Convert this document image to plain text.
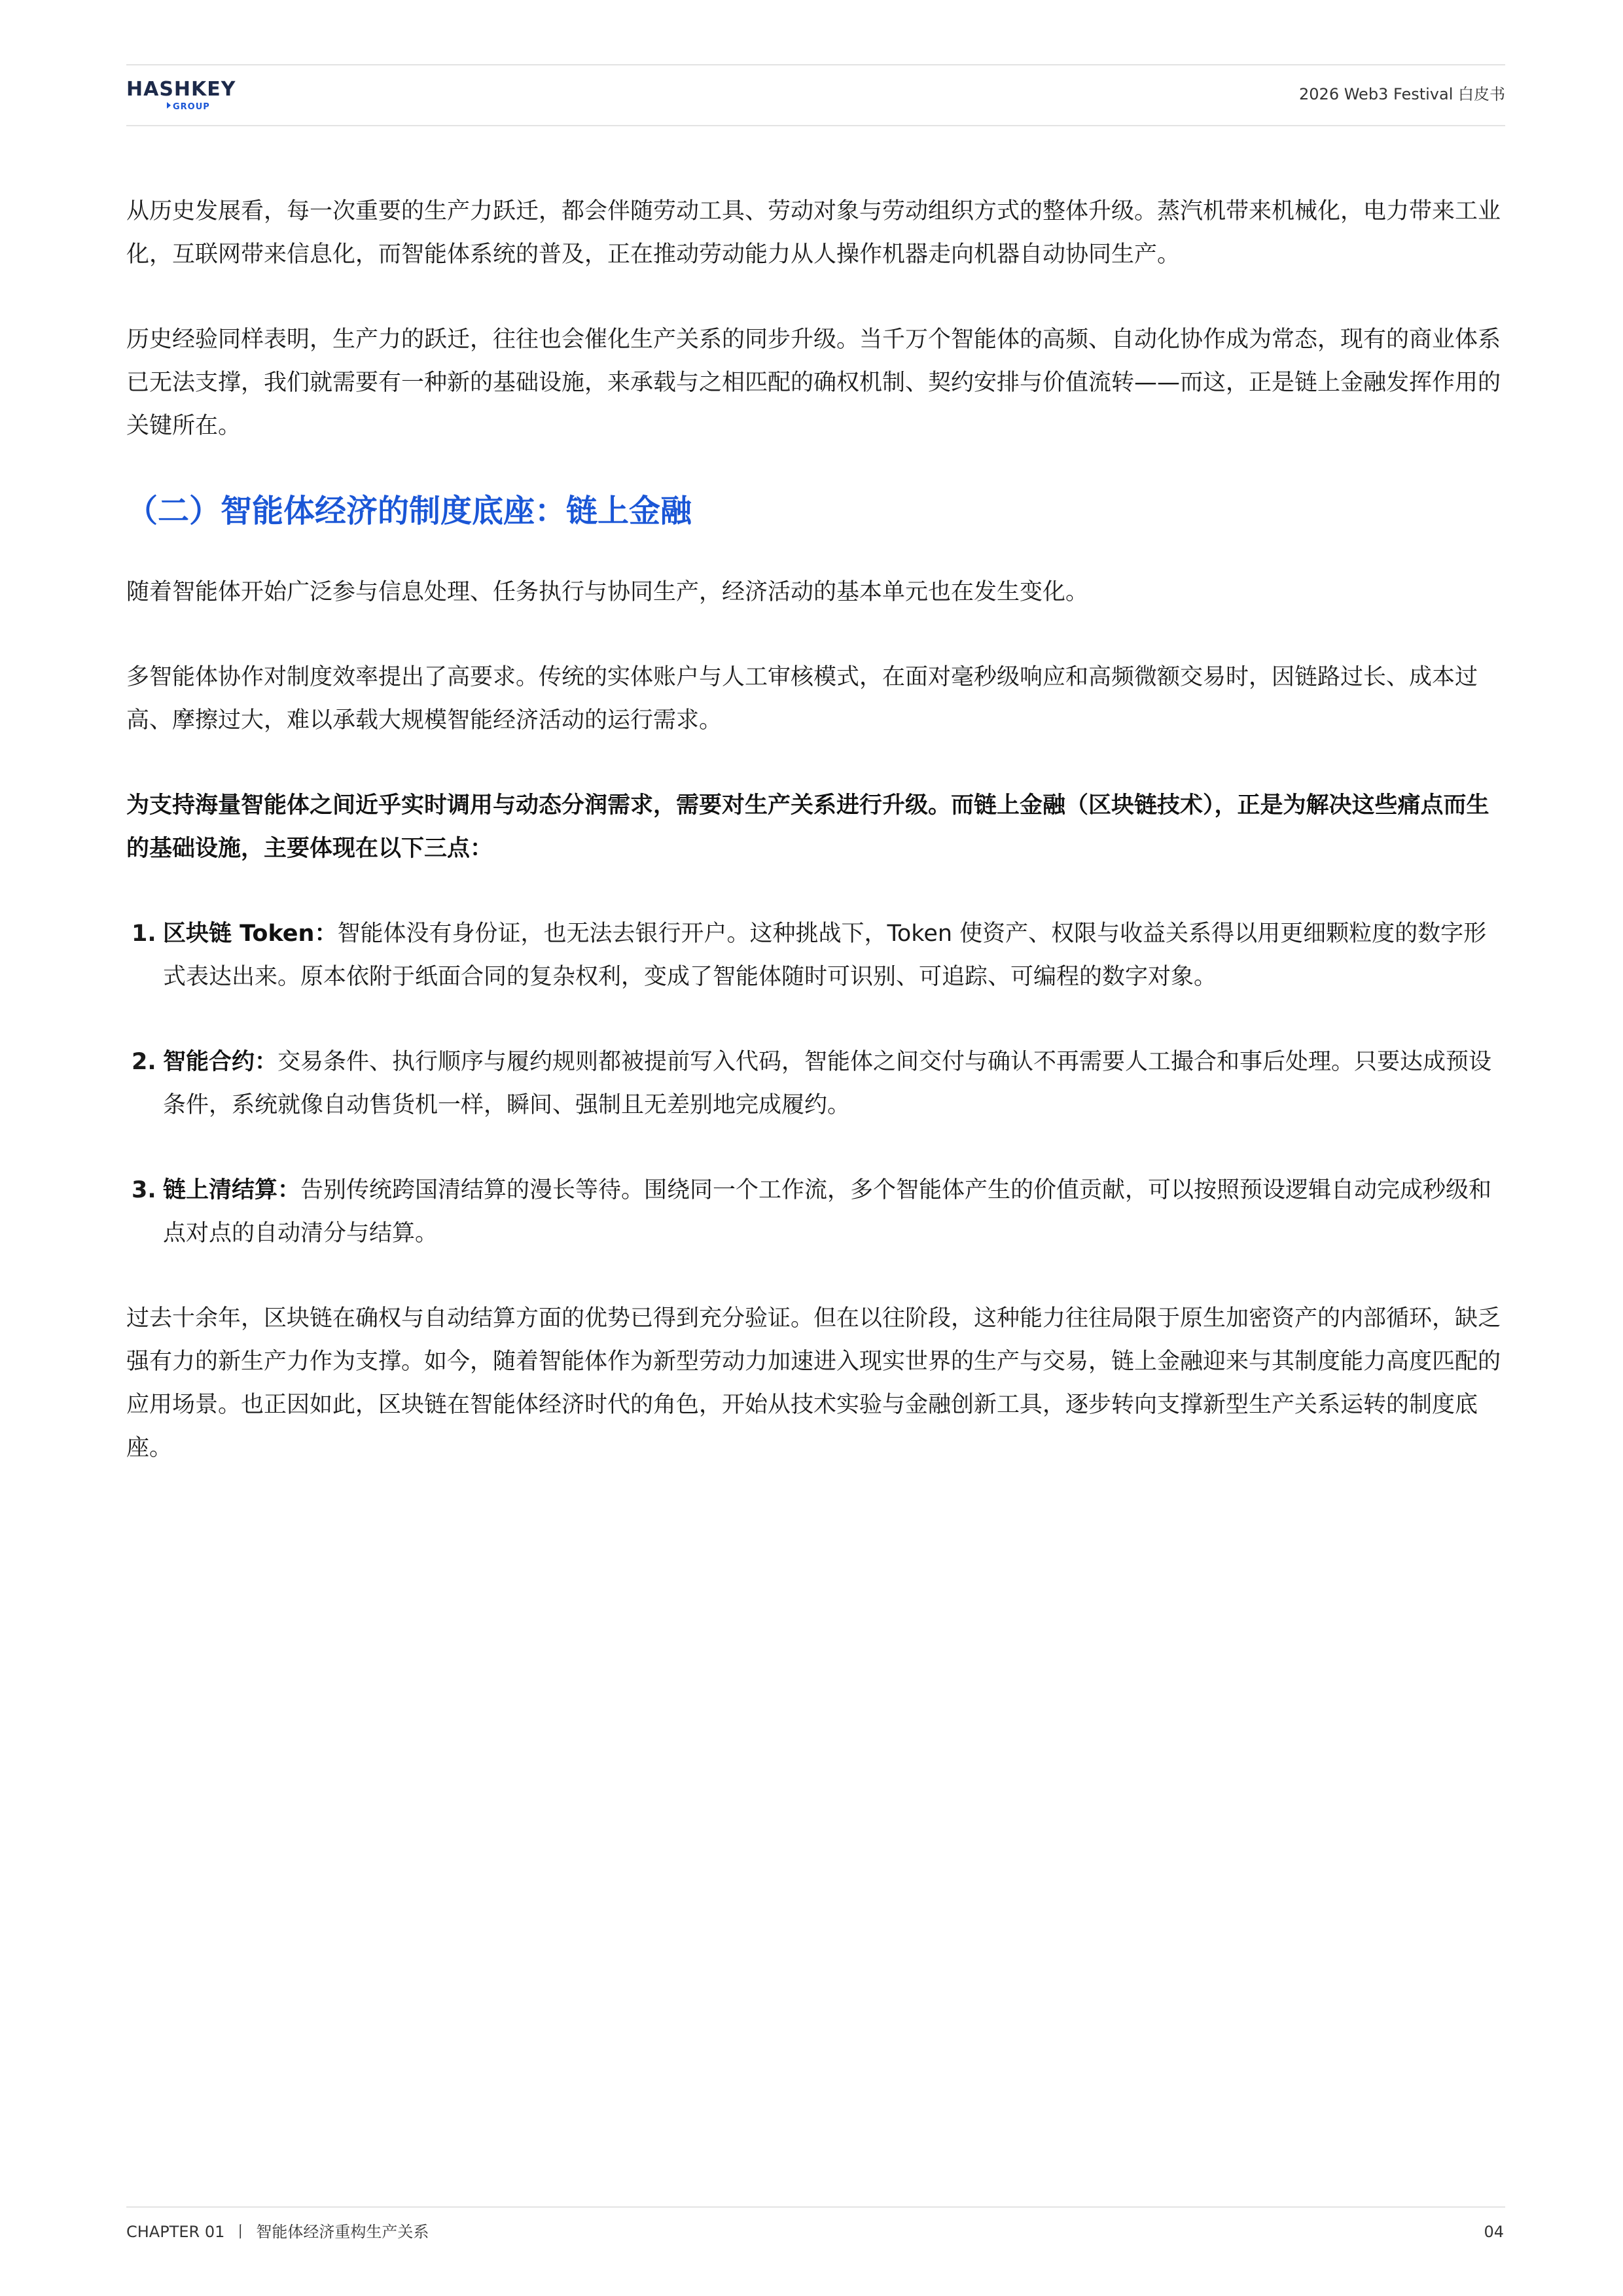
HASHKEY
GROUP
2026 Web3 Festival 白皮书

从历史发展看，每一次重要的生产力跃迁，都会伴随劳动工具、劳动对象与劳动组织方式的整体升级。蒸汽机带来机械化，电力带来工业化，互联网带来信息化，而智能体系统的普及，正在推动劳动能力从人操作机器走向机器自动协同生产。

历史经验同样表明，生产力的跃迁，往往也会催化生产关系的同步升级。当千万个智能体的高频、自动化协作成为常态，现有的商业体系已无法支撑，我们就需要有一种新的基础设施，来承载与之相匹配的确权机制、契约安排与价值流转——而这，正是链上金融发挥作用的关键所在。

（二）智能体经济的制度底座：链上金融

随着智能体开始广泛参与信息处理、任务执行与协同生产，经济活动的基本单元也在发生变化。

多智能体协作对制度效率提出了高要求。传统的实体账户与人工审核模式，在面对毫秒级响应和高频微额交易时，因链路过长、成本过高、摩擦过大，难以承载大规模智能经济活动的运行需求。

为支持海量智能体之间近乎实时调用与动态分润需求，需要对生产关系进行升级。而链上金融（区块链技术），正是为解决这些痛点而生的基础设施，主要体现在以下三点：

1. 区块链 Token：智能体没有身份证，也无法去银行开户。这种挑战下，Token 使资产、权限与收益关系得以用更细颗粒度的数字形式表达出来。原本依附于纸面合同的复杂权利，变成了智能体随时可识别、可追踪、可编程的数字对象。
2. 智能合约：交易条件、执行顺序与履约规则都被提前写入代码，智能体之间交付与确认不再需要人工撮合和事后处理。只要达成预设条件，系统就像自动售货机一样，瞬间、强制且无差别地完成履约。
3. 链上清结算：告别传统跨国清结算的漫长等待。围绕同一个工作流，多个智能体产生的价值贡献，可以按照预设逻辑自动完成秒级和点对点的自动清分与结算。

过去十余年，区块链在确权与自动结算方面的优势已得到充分验证。但在以往阶段，这种能力往往局限于原生加密资产的内部循环，缺乏强有力的新生产力作为支撑。如今，随着智能体作为新型劳动力加速进入现实世界的生产与交易，链上金融迎来与其制度能力高度匹配的应用场景。也正因如此，区块链在智能体经济时代的角色，开始从技术实验与金融创新工具，逐步转向支撑新型生产关系运转的制度底座。

CHAPTER 01 丨 智能体经济重构生产关系	04
